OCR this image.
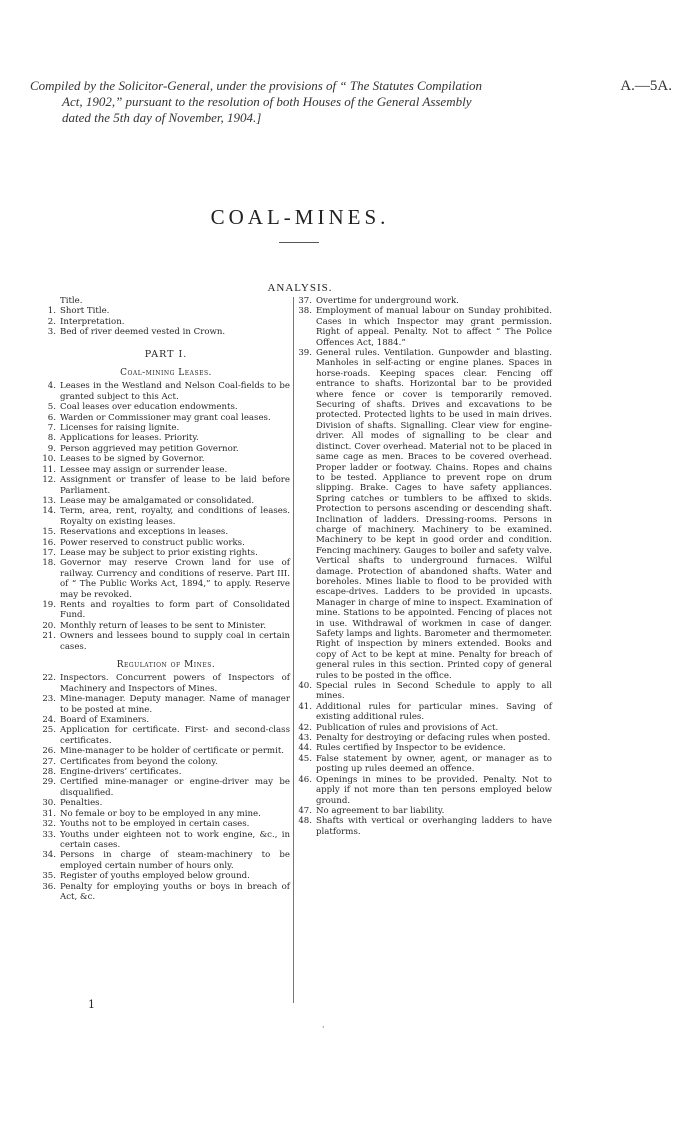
Compiled by the Solicitor-General, under the provisions of “ The Statutes Compilation
Act, 1902,” pursuant to the resolution of both Houses of the General Assembly
dated the 5th day of November, 1904.]
A.—5A.
COAL-MINES.
ANALYSIS.
Title.
1. Short Title.
2. Interpretation.
3. Bed of river deemed vested in Crown.
PART I.
Coal-mining Leases.
4. Leases in the Westland and Nelson Coal-fields to be granted subject to this Act.
5. Coal leases over education endowments.
6. Warden or Commissioner may grant coal leases.
7. Licenses for raising lignite.
8. Applications for leases. Priority.
9. Person aggrieved may petition Governor.
10. Leases to be signed by Governor.
11. Lessee may assign or surrender lease.
12. Assignment or transfer of lease to be laid before Parliament.
13. Lease may be amalgamated or consolidated.
14. Term, area, rent, royalty, and conditions of leases. Royalty on existing leases.
15. Reservations and exceptions in leases.
16. Power reserved to construct public works.
17. Lease may be subject to prior existing rights.
18. Governor may reserve Crown land for use of railway. Currency and conditions of reserve. Part III. of “ The Public Works Act, 1894,” to apply. Reserve may be revoked.
19. Rents and royalties to form part of Consolidated Fund.
20. Monthly return of leases to be sent to Minister.
21. Owners and lessees bound to supply coal in certain cases.
Regulation of Mines.
22. Inspectors. Concurrent powers of Inspectors of Machinery and Inspectors of Mines.
23. Mine-manager. Deputy manager. Name of manager to be posted at mine.
24. Board of Examiners.
25. Application for certificate. First- and second-class certificates.
26. Mine-manager to be holder of certificate or permit.
27. Certificates from beyond the colony.
28. Engine-drivers’ certificates.
29. Certified mine-manager or engine-driver may be disqualified.
30. Penalties.
31. No female or boy to be employed in any mine.
32. Youths not to be employed in certain cases.
33. Youths under eighteen not to work engine, &c., in certain cases.
34. Persons in charge of steam-machinery to be employed certain number of hours only.
35. Register of youths employed below ground.
36. Penalty for employing youths or boys in breach of Act, &c.
37. Overtime for underground work.
38. Employment of manual labour on Sunday prohibited. Cases in which Inspector may grant permission. Right of appeal. Penalty. Not to affect “ The Police Offences Act, 1884.”
39. General rules. Ventilation. Gunpowder and blasting. Manholes in self-acting or engine planes. Spaces in horse-roads. Keeping spaces clear. Fencing off entrance to shafts. Horizontal bar to be provided where fence or cover is temporarily removed. Securing of shafts. Drives and excavations to be protected. Protected lights to be used in main drives. Division of shafts. Signalling. Clear view for engine-driver. All modes of signalling to be clear and distinct. Cover overhead. Material not to be placed in same cage as men. Braces to be covered overhead. Proper ladder or footway. Chains. Ropes and chains to be tested. Appliance to prevent rope on drum slipping. Brake. Cages to have safety appliances. Spring catches or tumblers to be affixed to skids. Protection to persons ascending or descending shaft. Inclination of ladders. Dressing-rooms. Persons in charge of machinery. Machinery to be examined. Machinery to be kept in good order and condition. Fencing machinery. Gauges to boiler and safety valve. Vertical shafts to underground furnaces. Wilful damage. Protection of abandoned shafts. Water and boreholes. Mines liable to flood to be provided with escape-drives. Ladders to be provided in upcasts. Manager in charge of mine to inspect. Examination of mine. Stations to be appointed. Fencing of places not in use. Withdrawal of workmen in case of danger. Safety lamps and lights. Barometer and thermometer. Right of inspection by miners extended. Books and copy of Act to be kept at mine. Penalty for breach of general rules in this section. Printed copy of general rules to be posted in the office.
40. Special rules in Second Schedule to apply to all mines.
41. Additional rules for particular mines. Saving of existing additional rules.
42. Publication of rules and provisions of Act.
43. Penalty for destroying or defacing rules when posted.
44. Rules certified by Inspector to be evidence.
45. False statement by owner, agent, or manager as to posting up rules deemed an offence.
46. Openings in mines to be provided. Penalty. Not to apply if not more than ten persons employed below ground.
47. No agreement to bar liability.
48. Shafts with vertical or overhanging ladders to have platforms.
1
·
